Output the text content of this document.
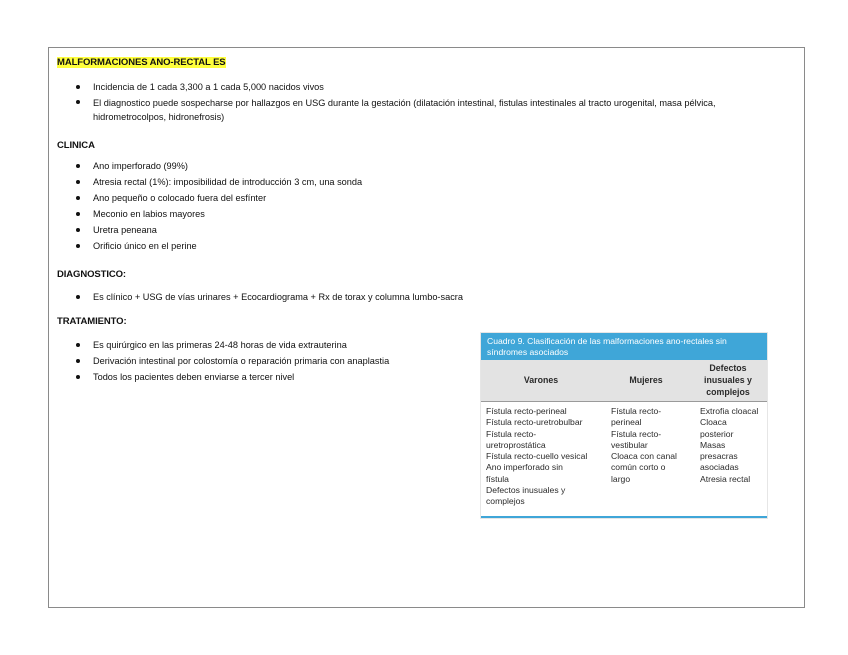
MALFORMACIONES ANO-RECTAL ES
Incidencia de 1 cada 3,300 a 1 cada 5,000 nacidos vivos
El diagnostico puede sospecharse por hallazgos en USG durante la gestación (dilatación intestinal, fistulas intestinales al tracto urogenital, masa pélvica, hidrometrocolpos, hidronefrosis)
CLINICA
Ano imperforado (99%)
Atresia rectal (1%): imposibilidad de introducción 3 cm, una sonda
Ano pequeño o colocado fuera del esfínter
Meconio en labios mayores
Uretra peneana
Orificio único en el perine
DIAGNOSTICO:
Es clínico + USG de vías urinares + Ecocardiograma + Rx de torax y columna lumbo-sacra
TRATAMIENTO:
Es quirúrgico en las primeras 24-48 horas de vida extrauterina
Derivación intestinal por colostomía o reparación primaria con anaplastia
Todos los pacientes deben enviarse a tercer nivel
Cuadro 9. Clasificación de las malformaciones ano-rectales sin
síndromes asociados
Varones	Mujeres
Defectos
inusuales y
complejos
Fístula recto-perineal
Fístula recto-uretrobulbar
Fístula recto-
uretroprostática
Fístula recto-cuello vesical
Ano imperforado sin
fístula
Defectos inusuales y
complejos
Fístula recto-
perineal
Fístula recto-
vestibular
Cloaca con canal
común corto o
largo
Extrofia cloacal
Cloaca
posterior
Masas
presacras
asociadas
Atresia rectal
